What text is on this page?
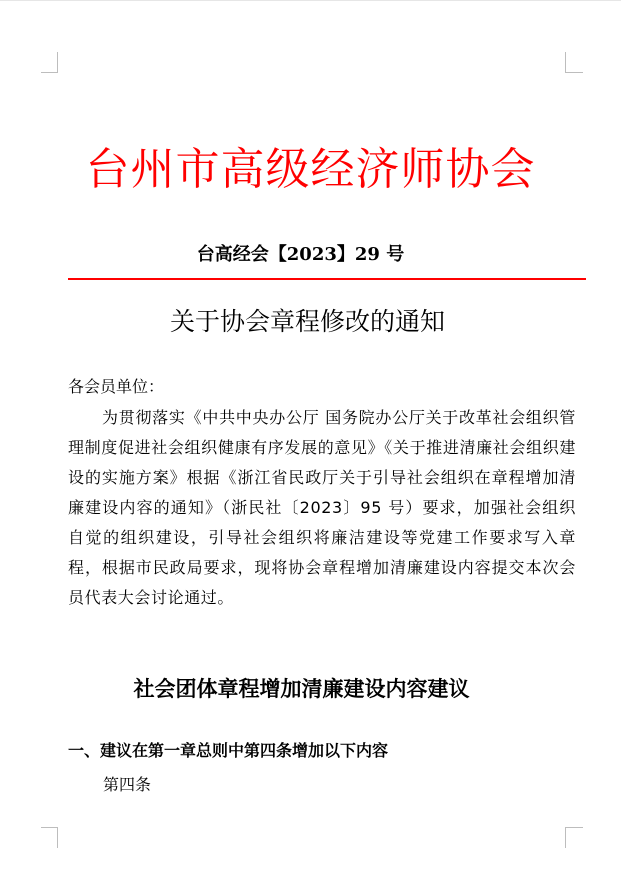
台州市高级经济师协会
台高经会【2023】29 号
关于协会章程修改的通知
各会员单位：
为贯彻落实《中共中央办公厅 国务院办公厅关于改革社会组织管理制度促进社会组织健康有序发展的意见》《关于推进清廉社会组织建设的实施方案》根据《浙江省民政厅关于引导社会组织在章程增加清廉建设内容的通知》（浙民社〔2023〕95 号）要求，加强社会组织自觉的组织建设，引导社会组织将廉洁建设等党建工作要求写入章程，根据市民政局要求，现将协会章程增加清廉建设内容提交本次会员代表大会讨论通过。
社会团体章程增加清廉建设内容建议
一、建议在第一章总则中第四条增加以下内容
第四条
